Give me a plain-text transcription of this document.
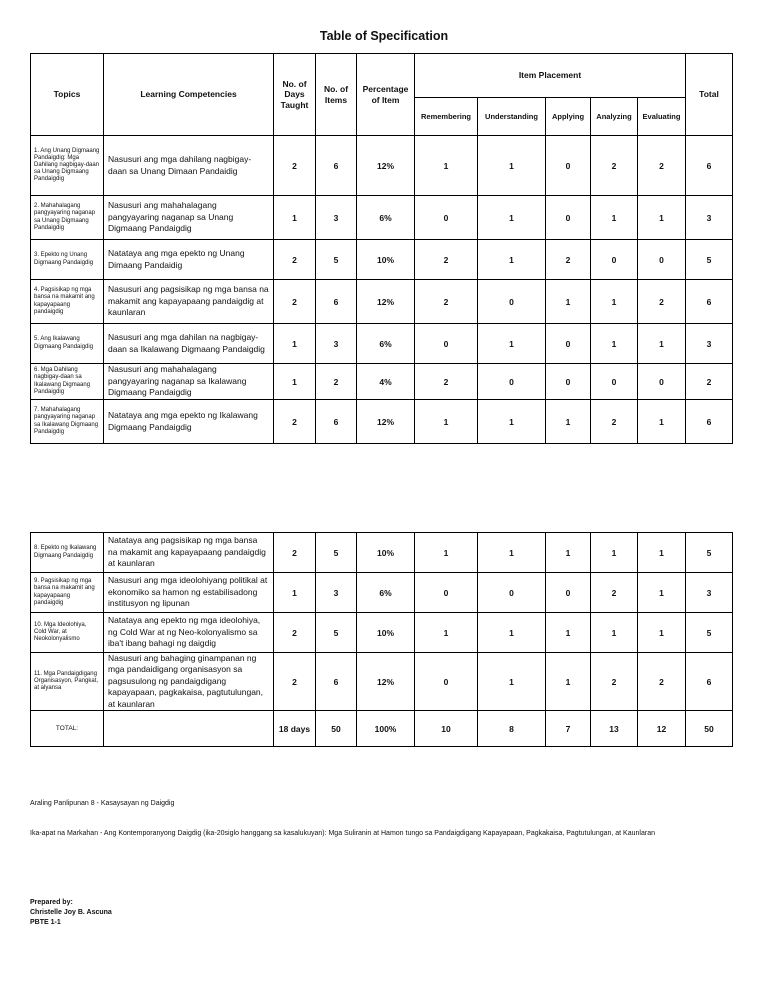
Table of Specification
Topics	Learning Competencies	No. of Days Taught	No. of Items	Percentage of Item	Item Placement					Total
					Remembering	Understanding	Applying	Analyzing	Evaluating	
1. Ang Unang Digmaang Pandaigdig: Mga Dahilang nagbigay-daan sa Unang Digmaang Pandaigdig	Nasusuri ang mga dahilang nagbigay-daan sa Unang Dimaan Pandaidig	2	6	12%	1	1	0	2	2	6
2. Mahahalagang pangyayaring naganap sa Unang Digmaang Pandaigdig	Nasusuri ang mahahalagang pangyayaring naganap sa Unang Digmaang Pandaigdig	1	3	6%	0	1	0	1	1	3
3. Epekto ng Unang Digmaang Pandaigdig	Natataya ang mga epekto ng Unang Dimaang Pandaidig	2	5	10%	2	1	2	0	0	5
4. Pagsisikap ng mga bansa na makamit ang kapayapaang pandaigdig	Nasusuri ang pagsisikap ng mga bansa na makamit ang kapayapaang pandaigdig at kaunlaran	2	6	12%	2	0	1	1	2	6
5. Ang Ikalawang Digmaang Pandaigdig	Nasusuri ang mga dahilan na nagbigay-daan sa Ikalawang Digmaang Pandaigdig	1	3	6%	0	1	0	1	1	3
6. Mga Dahilang nagbigay-daan sa Ikalawang Digmaang Pandaigdig	Nasusuri ang mahahalagang pangyayaring naganap sa Ikalawang Digmaang Pandaigdig	1	2	4%	2	0	0	0	0	2
7. Mahahalagang pangyayaring naganap sa Ikalawang Digmaang Pandaigdig	Natataya ang mga epekto ng Ikalawang Digmaang Pandaigdig	2	6	12%	1	1	1	2	1	6
8. Epekto ng Ikalawang Digmaang Pandaigdig	Natataya ang pagsisikap ng mga bansa na makamit ang kapayapaang pandaigdig at kaunlaran	2	5	10%	1	1	1	1	1	5
9. Pagsisikap ng mga bansa na makamit ang kapayapaang pandaigdig	Nasusuri ang mga ideolohiyang politikal at ekonomiko sa hamon ng estabilisadong institusyon ng lipunan	1	3	6%	0	0	0	2	1	3
10. Mga Ideolohiya, Cold War, at Neokolonyalismo	Natataya ang epekto ng mga ideolohiya, ng Cold War at ng Neo-kolonyalismo sa iba't ibang bahagi ng daigdig	2	5	10%	1	1	1	1	1	5
11. Mga Pandaigdigang Organisasyon, Pangkat, at alyansa	Nasusuri ang bahaging ginampanan ng mga pandaidigang organisasyon sa pagsusulong ng pandaigdigang kapayapaan, pagkakaisa, pagtutulungan, at kaunlaran	2	6	12%	0	1	1	2	2	6
TOTAL:		18 days	50	100%	10	8	7	13	12	50
Araling Panlipunan 8 - Kasaysayan ng Daigdig
Ika-apat na Markahan - Ang Kontemporanyong Daigdig (ika-20siglo hanggang sa kasalukuyan): Mga Suliranin at Hamon tungo sa Pandaigdigang Kapayapaan, Pagkakaisa, Pagtutulungan, at Kaunlaran
Prepared by:
Christelle Joy B. Ascuna
PBTE 1-1
